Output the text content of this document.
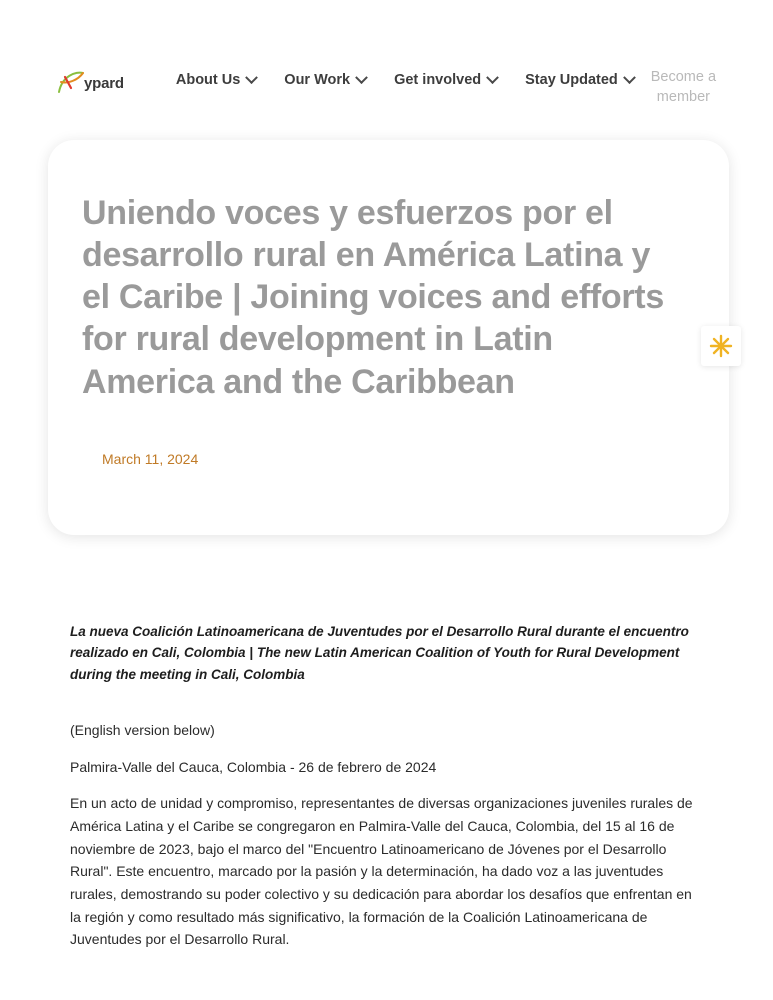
ypard	About Us	Our Work	Get involved	Stay Updated	Become a member
Uniendo voces y esfuerzos por el desarrollo rural en América Latina y el Caribe | Joining voices and efforts for rural development in Latin America and the Caribbean
March 11, 2024

La nueva Coalición Latinoamericana de Juventudes por el Desarrollo Rural durante el encuentro realizado en Cali, Colombia | The new Latin American Coalition of Youth for Rural Development during the meeting in Cali, Colombia

(English version below)

Palmira-Valle del Cauca, Colombia - 26 de febrero de 2024

En un acto de unidad y compromiso, representantes de diversas organizaciones juveniles rurales de América Latina y el Caribe se congregaron en Palmira-Valle del Cauca, Colombia, del 15 al 16 de noviembre de 2023, bajo el marco del "Encuentro Latinoamericano de Jóvenes por el Desarrollo Rural". Este encuentro, marcado por la pasión y la determinación, ha dado voz a las juventudes rurales, demostrando su poder colectivo y su dedicación para abordar los desafíos que enfrentan en la región y como resultado más significativo, la formación de la Coalición Latinoamericana de Juventudes por el Desarrollo Rural.
